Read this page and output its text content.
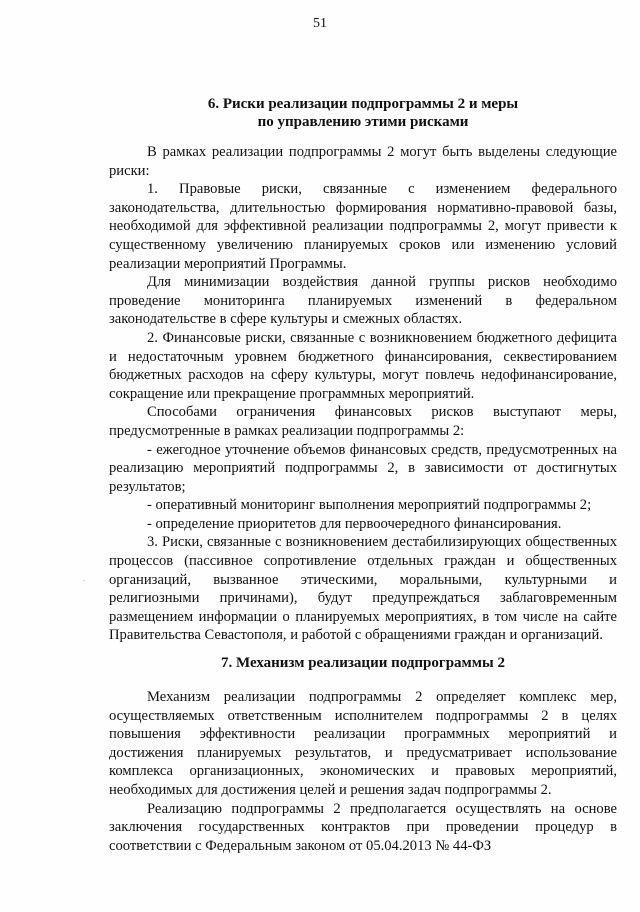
51
6. Риски реализации подпрограммы 2 и меры
по управлению этими рисками

В рамках реализации подпрограммы 2 могут быть выделены следующие риски:

1. Правовые риски, связанные с изменением федерального законодательства, длительностью формирования нормативно-правовой базы, необходимой для эффективной реализации подпрограммы 2, могут привести к существенному увеличению планируемых сроков или изменению условий реализации мероприятий Программы.

Для минимизации воздействия данной группы рисков необходимо проведение мониторинга планируемых изменений в федеральном законодательстве в сфере культуры и смежных областях.

2. Финансовые риски, связанные с возникновением бюджетного дефицита и недостаточным уровнем бюджетного финансирования, секвестированием бюджетных расходов на сферу культуры, могут повлечь недофинансирование, сокращение или прекращение программных мероприятий.

Способами ограничения финансовых рисков выступают меры, предусмотренные в рамках реализации подпрограммы 2:

- ежегодное уточнение объемов финансовых средств, предусмотренных на реализацию мероприятий подпрограммы 2, в зависимости от достигнутых результатов;

- оперативный мониторинг выполнения мероприятий подпрограммы 2;

- определение приоритетов для первоочередного финансирования.

3. Риски, связанные с возникновением дестабилизирующих общественных процессов (пассивное сопротивление отдельных граждан и общественных организаций, вызванное этическими, моральными, культурными и религиозными причинами), будут предупреждаться заблаговременным размещением информации о планируемых мероприятиях, в том числе на сайте Правительства Севастополя, и работой с обращениями граждан и организаций.

7. Механизм реализации подпрограммы 2

Механизм реализации подпрограммы 2 определяет комплекс мер, осуществляемых ответственным исполнителем подпрограммы 2 в целях повышения эффективности реализации программных мероприятий и достижения планируемых результатов, и предусматривает использование комплекса организационных, экономических и правовых мероприятий, необходимых для достижения целей и решения задач подпрограммы 2.

Реализацию подпрограммы 2 предполагается осуществлять на основе заключения государственных контрактов при проведении процедур в соответствии с Федеральным законом от 05.04.2013 № 44-ФЗ

·
